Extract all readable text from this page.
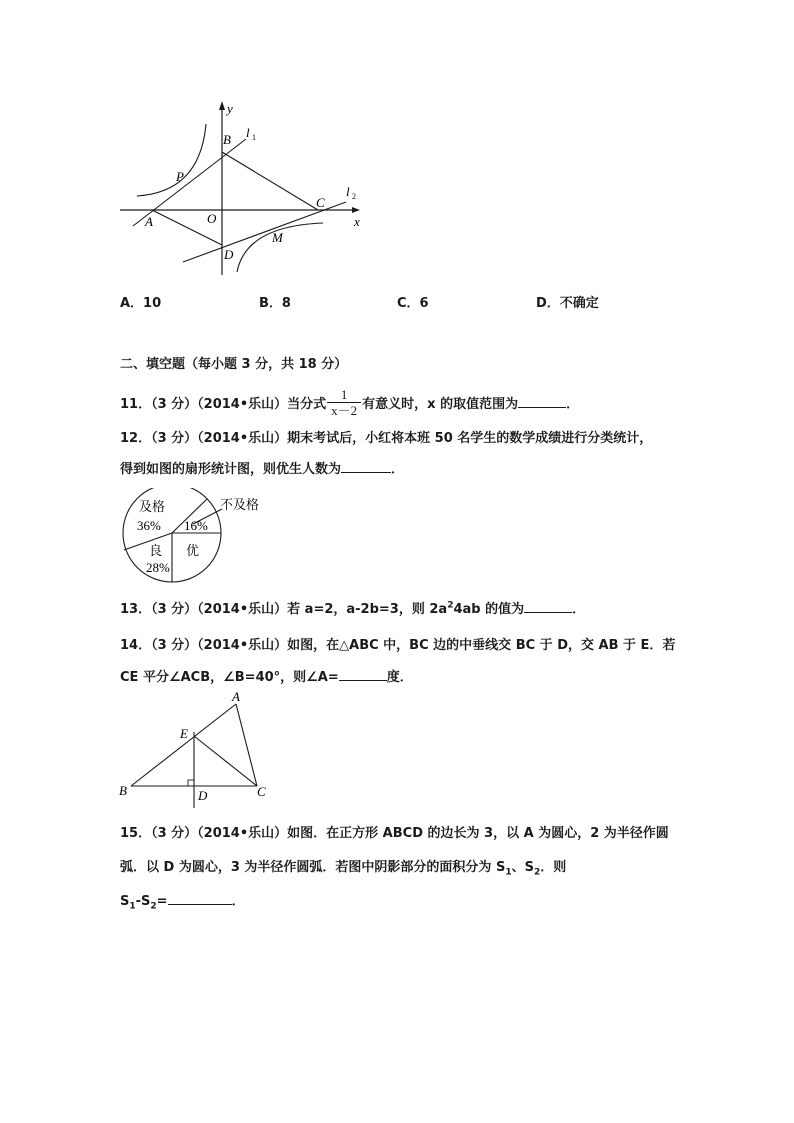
y
x
B l 1
P
C
l 2
A	O
M
D
A．10	B．8	C．6	D．不确定
二、填空题（每小题 3 分，共 18 分）
11．（3 分）（2014•乐山）当分式 $\frac{1}{x-2}$ 有意义时，x 的取值范围为	．
12．（3 分）（2014•乐山）期末考试后，小红将本班 50 名学生的数学成绩进行分类统计，
得到如图的扇形统计图，则优生人数为	．
及格
36%
不及格
16%
良
28%
优
13．（3 分）（2014•乐山）若 a=2，a-2b=3，则 $2a^24ab$ 的值为	．
14．（3 分）（2014•乐山）如图，在△ABC 中，BC 边的中垂线交 BC 于 D，交 AB 于 E．若
CE 平分∠ACB，∠B=40°，则∠A=	度．
A
E
B	D	C
15．（3 分）（2014•乐山）如图．在正方形 ABCD 的边长为 3，以 A 为圆心，2 为半径作圆
弧．以 D 为圆心，3 为半径作圆弧．若图中阴影部分的面积分为 $S_1$、$S_2$．则
$S_1-S_2=$	．
